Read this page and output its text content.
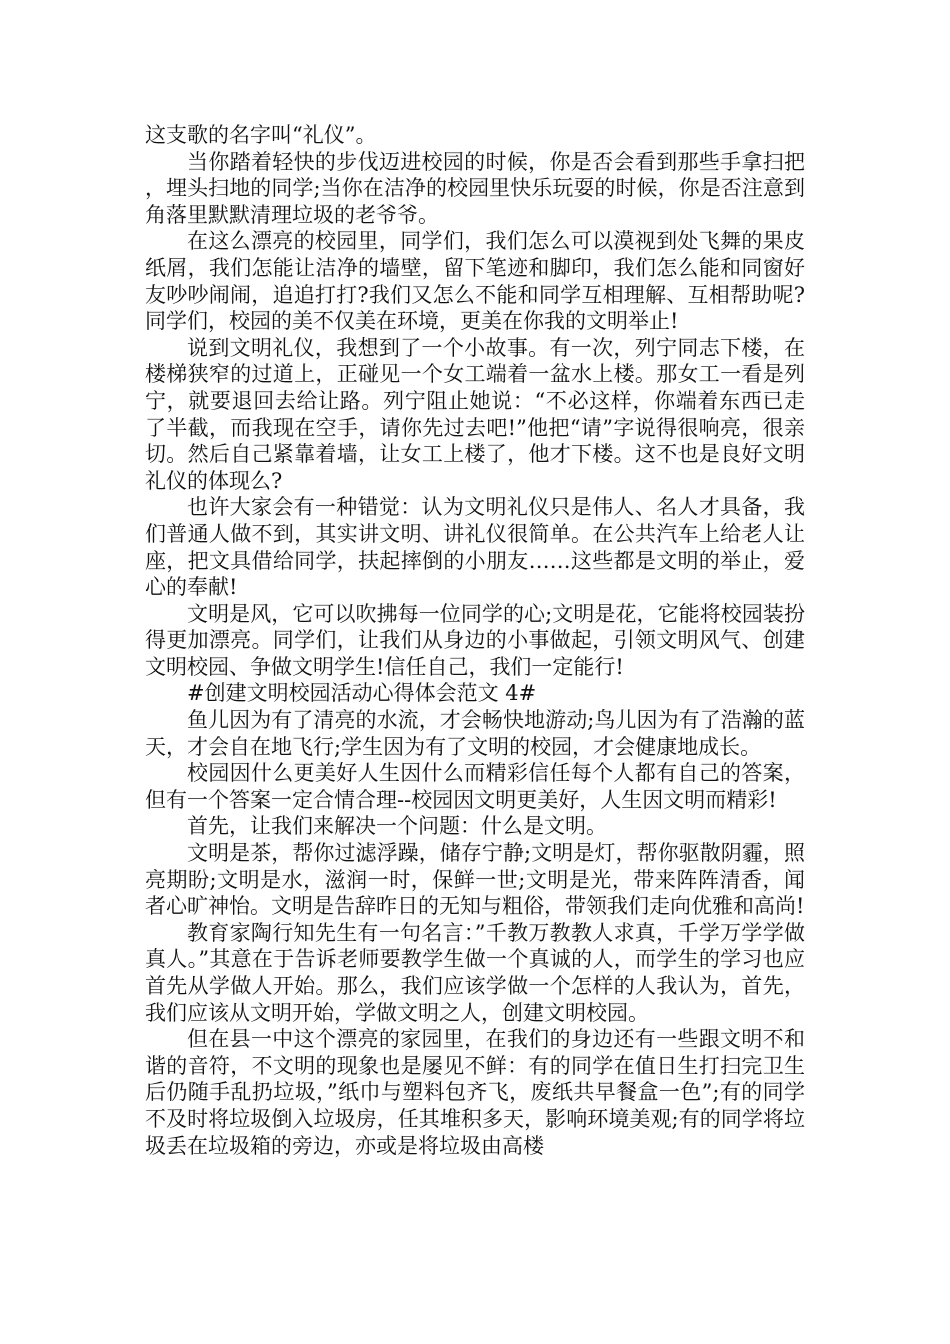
这支歌的名字叫“礼仪”。

当你踏着轻快的步伐迈进校园的时候，你是否会看到那些手拿扫把，埋头扫地的同学;当你在洁净的校园里快乐玩耍的时候，你是否注意到角落里默默清理垃圾的老爷爷。

在这么漂亮的校园里，同学们，我们怎么可以漠视到处飞舞的果皮纸屑，我们怎能让洁净的墙壁，留下笔迹和脚印，我们怎么能和同窗好友吵吵闹闹，追追打打?我们又怎么不能和同学互相理解、互相帮助呢?同学们，校园的美不仅美在环境，更美在你我的文明举止!

说到文明礼仪，我想到了一个小故事。有一次，列宁同志下楼，在楼梯狭窄的过道上，正碰见一个女工端着一盆水上楼。那女工一看是列宁，就要退回去给让路。列宁阻止她说：“不必这样，你端着东西已走了半截，而我现在空手，请你先过去吧!”他把“请”字说得很响亮，很亲切。然后自己紧靠着墙，让女工上楼了，他才下楼。这不也是良好文明礼仪的体现么?

也许大家会有一种错觉：认为文明礼仪只是伟人、名人才具备，我们普通人做不到，其实讲文明、讲礼仪很简单。在公共汽车上给老人让座，把文具借给同学，扶起摔倒的小朋友……这些都是文明的举止，爱心的奉献!

文明是风，它可以吹拂每一位同学的心;文明是花，它能将校园装扮得更加漂亮。同学们，让我们从身边的小事做起，引领文明风气、创建文明校园、争做文明学生!信任自己，我们一定能行!

#创建文明校园活动心得体会范文 4#

鱼儿因为有了清亮的水流，才会畅快地游动;鸟儿因为有了浩瀚的蓝天，才会自在地飞行;学生因为有了文明的校园，才会健康地成长。

校园因什么更美好人生因什么而精彩信任每个人都有自己的答案，但有一个答案一定合情合理--校园因文明更美好，人生因文明而精彩!

首先，让我们来解决一个问题：什么是文明。

文明是茶，帮你过滤浮躁，储存宁静;文明是灯，帮你驱散阴霾，照亮期盼;文明是水，滋润一时，保鲜一世;文明是光，带来阵阵清香，闻者心旷神怡。文明是告辞昨日的无知与粗俗，带领我们走向优雅和高尚!

教育家陶行知先生有一句名言：”千教万教教人求真，千学万学学做真人。”其意在于告诉老师要教学生做一个真诚的人，而学生的学习也应首先从学做人开始。那么，我们应该学做一个怎样的人我认为，首先，我们应该从文明开始，学做文明之人，创建文明校园。

但在县一中这个漂亮的家园里，在我们的身边还有一些跟文明不和谐的音符，不文明的现象也是屡见不鲜：有的同学在值日生打扫完卫生后仍随手乱扔垃圾，”纸巾与塑料包齐飞，废纸共早餐盒一色”;有的同学不及时将垃圾倒入垃圾房，任其堆积多天，影响环境美观;有的同学将垃圾丢在垃圾箱的旁边，亦或是将垃圾由高楼
